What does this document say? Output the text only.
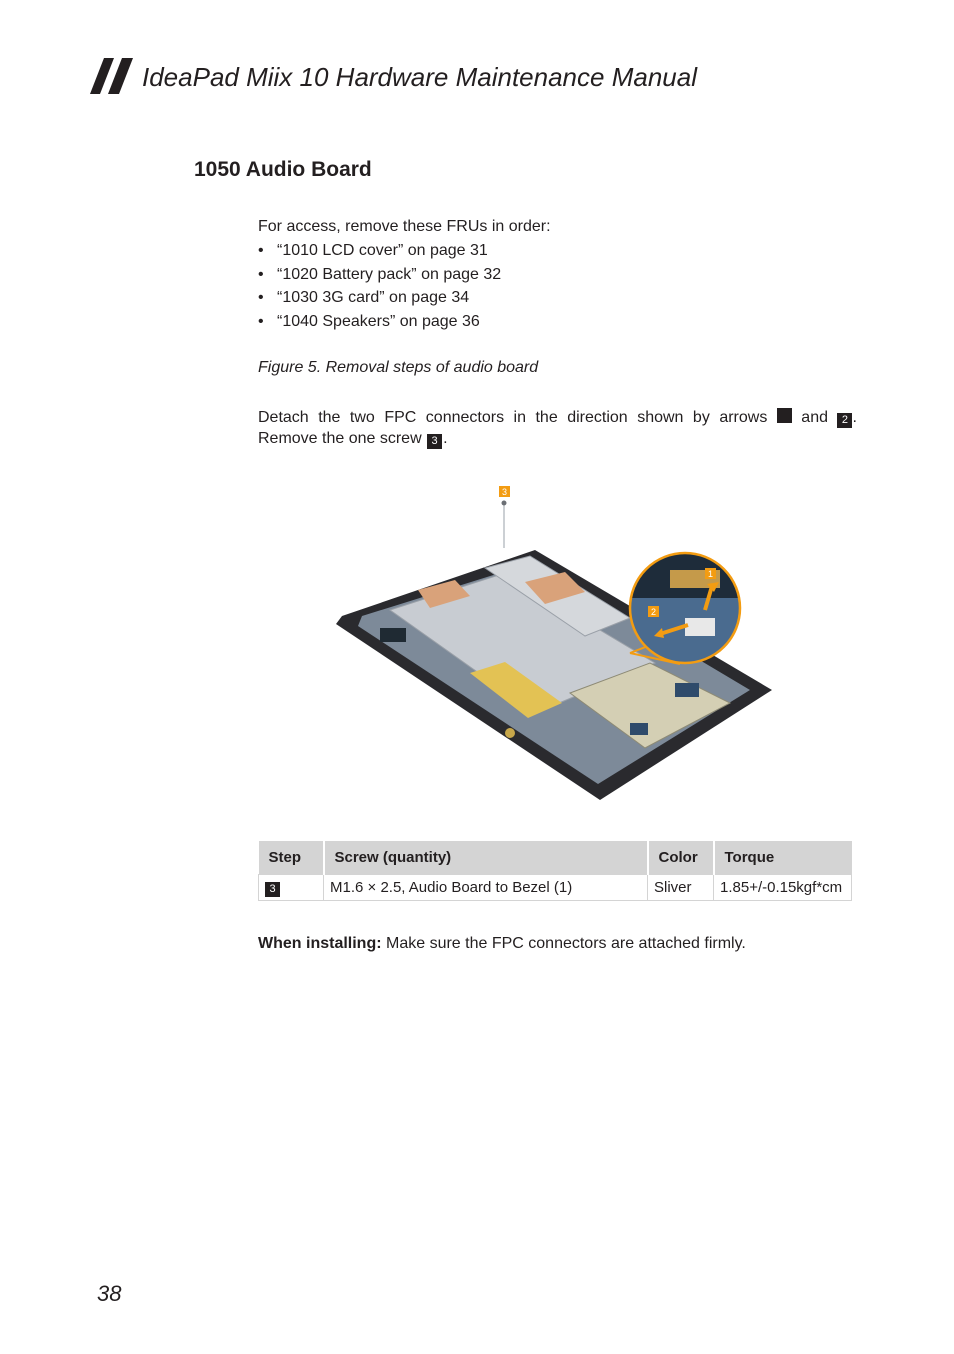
IdeaPad Miix 10 Hardware Maintenance Manual
1050 Audio Board
For access, remove these FRUs in order:
• “1010 LCD cover” on page 31
• “1020 Battery pack” on page 32
• “1030 3G card” on page 34
• “1040 Speakers” on page 36
Figure 5. Removal steps of audio board
Detach the two FPC connectors in the direction shown by arrows and	2 .
Remove the one screw 3 .
3
1
2
Step	Screw (quantity)	Color	Torque
3	M1.6 × 2.5, Audio Board to Bezel (1)	Sliver	1.85+/-0.15kgf*cm
When installing: Make sure the FPC connectors are attached firmly.
38
